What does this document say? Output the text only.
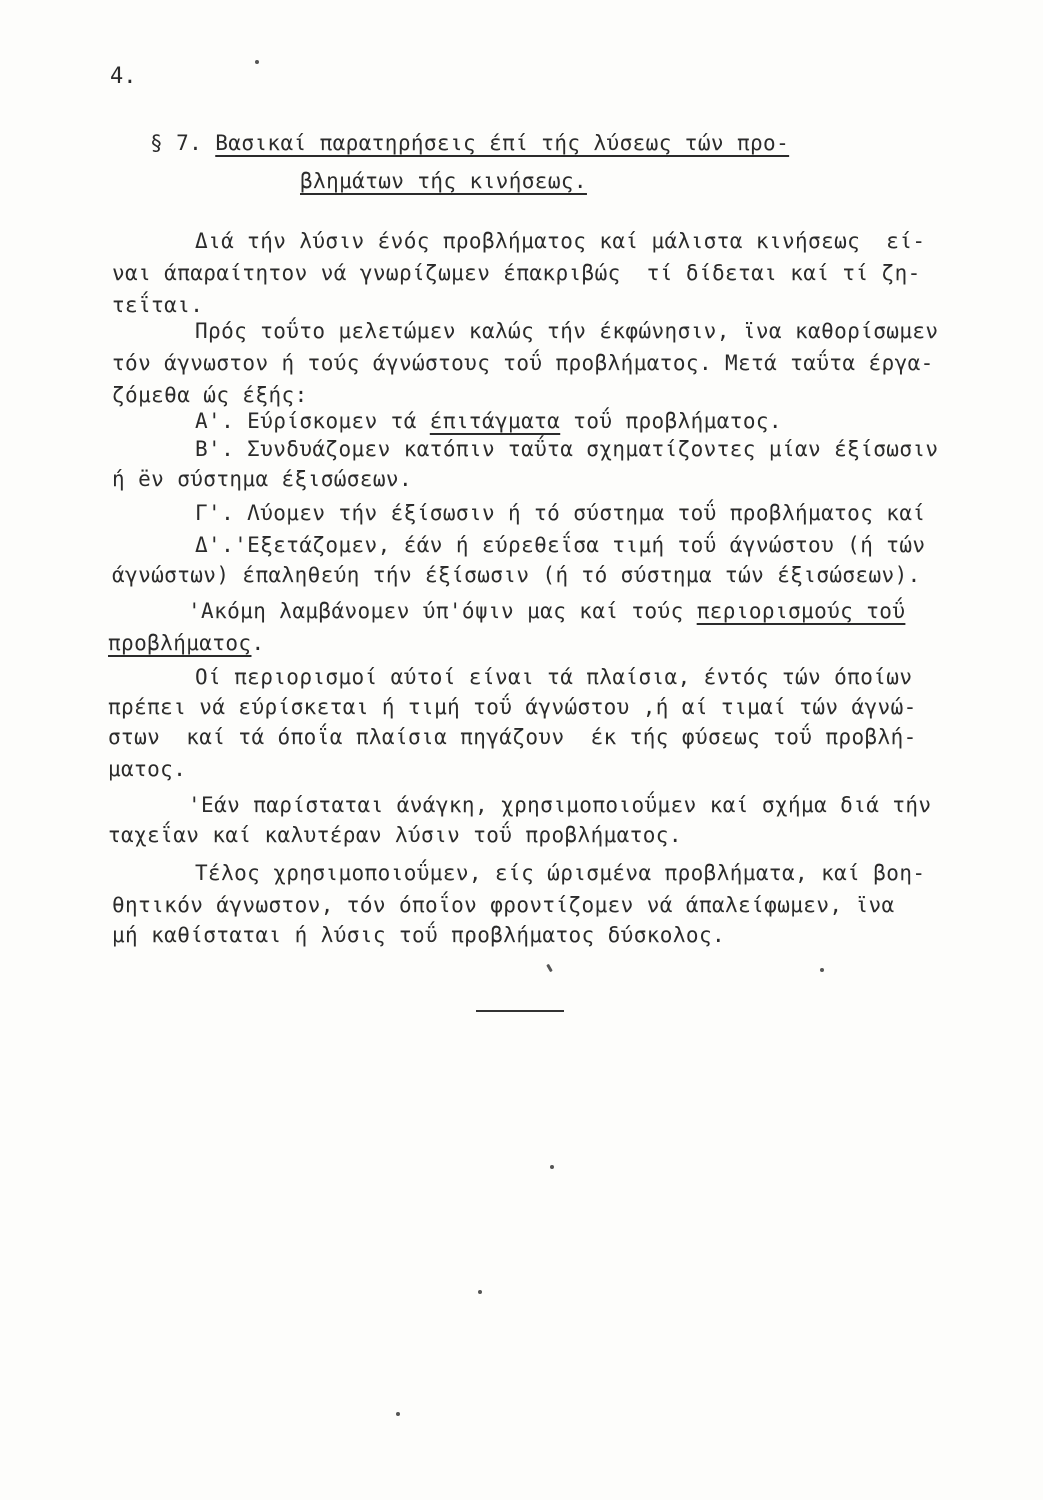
4.
§ 7. Βασικαί παρατηρήσεις έπί τής λύσεως τών προ-
βλημάτων τής κινήσεως.
Διά τήν λύσιν ένός προβλήματος καί μάλιστα κινήσεως  εί-
ναι άπαραίτητον νά γνωρίζωμεν έπακριβώς  τί δίδεται καί τί ζη-
τεΐται.
Πρός τοΰτο μελετώμεν καλώς τήν έκφώνησιν, ϊνα καθορίσωμεν
τόν άγνωστον ή τούς άγνώστους τοΰ προβλήματος. Μετά ταΰτα έργα-
ζόμεθα ώς έξής:
Α'. Εύρίσκομεν τά έπιτάγματα τοΰ προβλήματος.
Β'. Συνδυάζομεν κατόπιν ταΰτα σχηματίζοντες μίαν έξίσωσιν
ή ëν σύστημα έξισώσεων.
Γ'. Λύομεν τήν έξίσωσιν ή τό σύστημα τοΰ προβλήματος καί
Δ'.'Εξετάζομεν, έάν ή εύρεθεΐσα τιμή τοΰ άγνώστου (ή τών
άγνώστων) έπαληθεύη τήν έξίσωσιν (ή τό σύστημα τών έξισώσεων).
'Ακόμη λαμβάνομεν ύπ'όψιν μας καί τούς περιορισμούς τοΰ
προβλήματος.
Οί περιορισμοί αύτοί είναι τά πλαίσια, έντός τών όποίων
πρέπει νά εύρίσκεται ή τιμή τοΰ άγνώστου ,ή αί τιμαί τών άγνώ-
στων  καί τά όποΐα πλαίσια πηγάζουν  έκ τής φύσεως τοΰ προβλή-
ματος.
'Εάν παρίσταται άνάγκη, χρησιμοποιοΰμεν καί σχήμα διά τήν
ταχεΐαν καί καλυτέραν λύσιν τοΰ προβλήματος.
Τέλος χρησιμοποιοΰμεν, είς ώρισμένα προβλήματα, καί βοη-
θητικόν άγνωστον, τόν όποΐον φροντίζομεν νά άπαλείφωμεν, ϊνα
μή καθίσταται ή λύσις τοΰ προβλήματος δύσκολος.
